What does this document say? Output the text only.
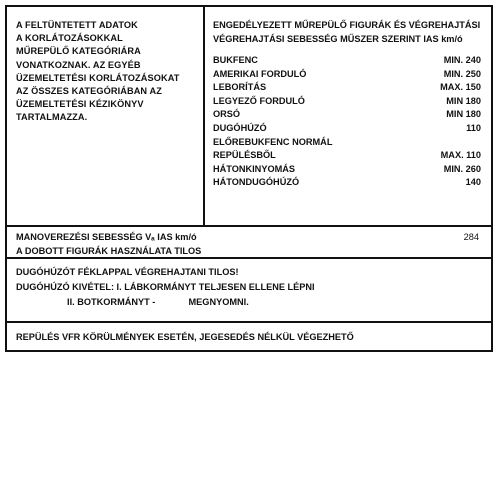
A FELTÜNTETETT ADATOK
A KORLÁTOZÁSOKKAL
MŰREPÜLŐ KATEGÓRIÁRA
VONATKOZNAK. AZ EGYÉB
ÜZEMELTETÉSI KORLÁTOZÁSOKAT
AZ ÖSSZES KATEGÓRIÁBAN AZ
ÜZEMELTETÉSI KÉZIKÖNYV
TARTALMAZZA.
ENGEDÉLYEZETT MŰREPÜLŐ FIGURÁK ÉS VÉGREHAJTÁSI
VÉGREHAJTÁSI SEBESSÉG MŰSZER SZERINT IAS km/ó
BUKFENC	MIN. 240
AMERIKAI FORDULÓ	MIN. 250
LEBORÍTÁS	MAX. 150
LEGYEZŐ FORDULÓ	MIN 180
ORSÓ	MIN 180
DUGÓHÚZÓ	110
ELŐREBUKFENC NORMÁL
REPÜLÉSBŐL	MAX. 110
HÁTONKINYOMÁS	MIN. 260
HÁTONDUGÓHÚZÓ	140
MANOVEREZÉSI SEBESSÉG Vₐ IAS km/ó	284
A DOBOTT FIGURÁK HASZNÁLATA TILOS
DUGÓHÚZÓT FÉKLAPPAL VÉGREHAJTANI TILOS!
DUGÓHÚZÓ KIVÉTEL: I. LÁBKORMÁNYT TELJESEN ELLENE LÉPNI
II. BOTKORMÁNYT -             MEGNYOMNI.
REPÜLÉS VFR KÖRÜLMÉNYEK ESETÉN, JEGESEDÉS NÉLKÜL VÉGEZHETŐ
